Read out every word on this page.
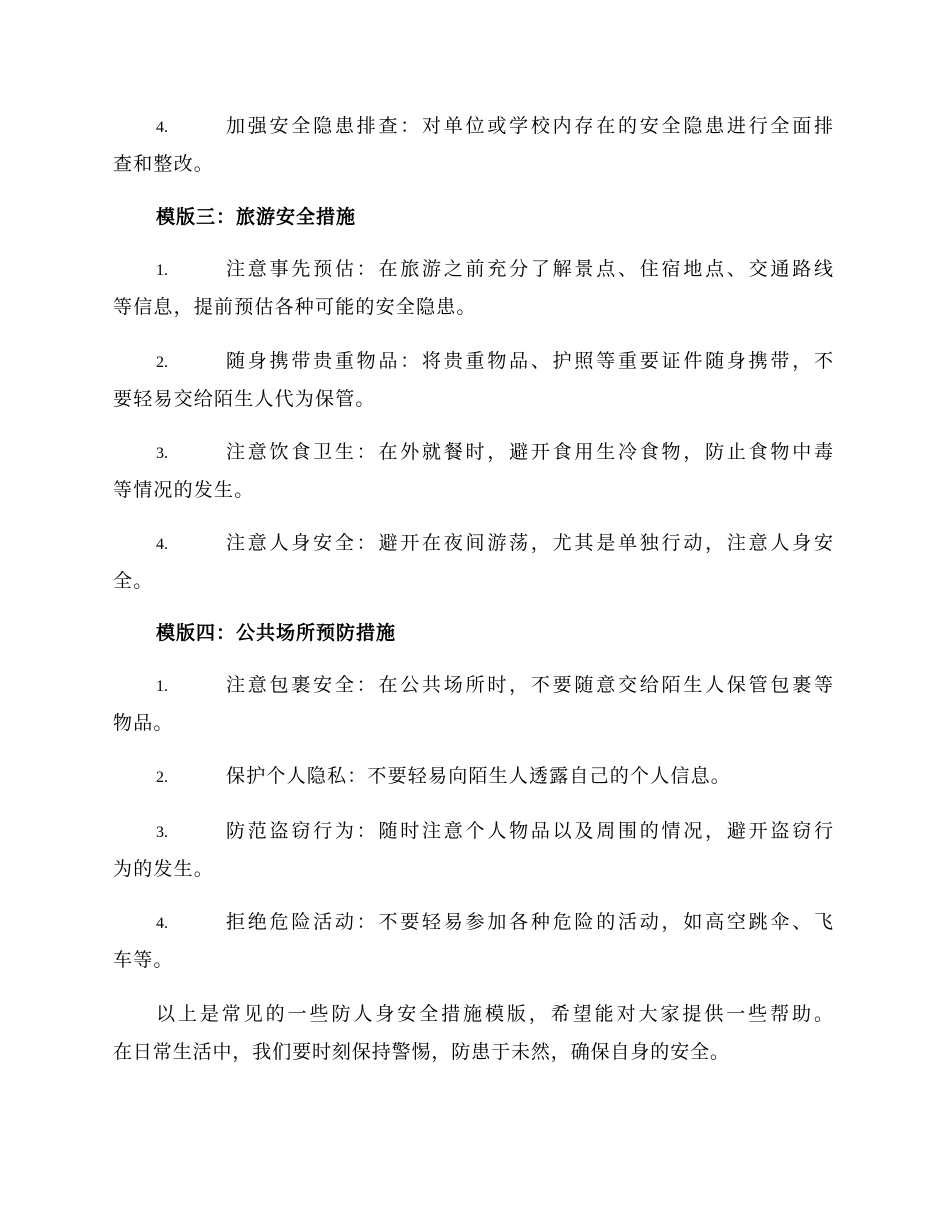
4.	加强安全隐患排查：对单位或学校内存在的安全隐患进行全面排

查和整改。

模版三：旅游安全措施

1.	注意事先预估：在旅游之前充分了解景点、住宿地点、交通路线

等信息，提前预估各种可能的安全隐患。

2.	随身携带贵重物品：将贵重物品、护照等重要证件随身携带，不

要轻易交给陌生人代为保管。

3.	注意饮食卫生：在外就餐时，避开食用生冷食物，防止食物中毒

等情况的发生。

4.	注意人身安全：避开在夜间游荡，尤其是单独行动，注意人身安

全。

模版四：公共场所预防措施

1.	注意包裹安全：在公共场所时，不要随意交给陌生人保管包裹等

物品。

2.	保护个人隐私：不要轻易向陌生人透露自己的个人信息。

3.	防范盗窃行为：随时注意个人物品以及周围的情况，避开盗窃行

为的发生。

4.	拒绝危险活动：不要轻易参加各种危险的活动，如高空跳伞、飞

车等。

以上是常见的一些防人身安全措施模版，希望能对大家提供一些帮助。

在日常生活中，我们要时刻保持警惕，防患于未然，确保自身的安全。
